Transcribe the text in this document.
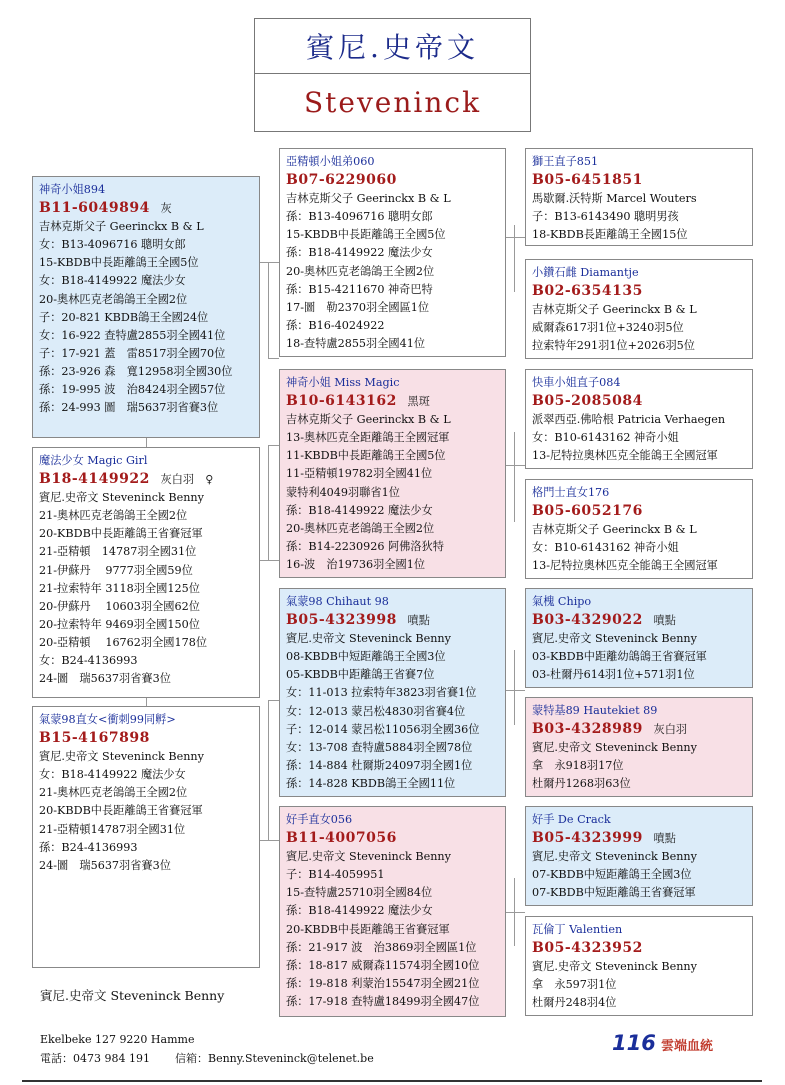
賓尼.史帝文
Steveninck
神奇小姐894
B11-6049894 灰
吉林克斯父子 Geerinckx B & L
女：B13-4096716 聰明女郎
15-KBDB中長距離鴿王全國5位
女：B18-4149922 魔法少女
20-奧林匹克老鴿鴿王全國2位
子：20-821 KBDB鴿王全國24位
女：16-922 查特盧2855羽全國41位
子：17-921 蓋　雷8517羽全國70位
孫：23-926 森　寬12958羽全國30位
孫：19-995 波　治8424羽全國57位
孫：24-993 圖　瑞5637羽省賽3位
魔法少女 Magic Girl
B18-4149922 灰白羽　♀
賓尼.史帝文 Steveninck Benny
21-奧林匹克老鴿鴿王全國2位
20-KBDB中長距離鴿王省賽冠軍
21-亞精頓　14787羽全國31位
21-伊蘇丹　 9777羽全國59位
21-拉索特年 3118羽全國125位
20-伊蘇丹　 10603羽全國62位
20-拉索特年 9469羽全國150位
20-亞精頓　 16762羽全國178位
女：B24-4136993
24-圖　瑞5637羽省賽3位
氣蒙98直女<衝刺99同孵>
B15-4167898
賓尼.史帝文 Steveninck Benny
女：B18-4149922 魔法少女
21-奧林匹克老鴿鴿王全國2位
20-KBDB中長距離鴿王省賽冠軍
21-亞精頓14787羽全國31位
孫：B24-4136993
24-圖　瑞5637羽省賽3位
亞精頓小姐弟060
B07-6229060
吉林克斯父子 Geerinckx B & L
孫：B13-4096716 聰明女郎
15-KBDB中長距離鴿王全國5位
孫：B18-4149922 魔法少女
20-奧林匹克老鴿鴿王全國2位
孫：B15-4211670 神奇巴特
17-圖　勒2370羽全國區1位
孫：B16-4024922
18-查特盧2855羽全國41位
神奇小姐 Miss Magic
B10-6143162 黑斑
吉林克斯父子 Geerinckx B & L
13-奧林匹克全距離鴿王全國冠軍
11-KBDB中長距離鴿王全國5位
11-亞精頓19782羽全國41位
蒙特利4049羽聯省1位
孫：B18-4149922 魔法少女
20-奧林匹克老鴿鴿王全國2位
孫：B14-2230926 阿佛洛狄特
16-波　治19736羽全國1位
氣蒙98 Chihaut 98
B05-4323998 噴點
賓尼.史帝文 Steveninck Benny
08-KBDB中短距離鴿王全國3位
05-KBDB中距離鴿王省賽7位
女：11-013 拉索特年3823羽省賽1位
女：12-013 蒙呂松4830羽省賽4位
子：12-014 蒙呂松11056羽全國36位
女：13-708 查特盧5884羽全國78位
孫：14-884 杜爾斯24097羽全國1位
孫：14-828 KBDB鴿王全國11位
好手直女056
B11-4007056
賓尼.史帝文 Steveninck Benny
子：B14-4059951
15-查特盧25710羽全國84位
孫：B18-4149922 魔法少女
20-KBDB中長距離鴿王省賽冠軍
孫：21-917 波　治3869羽全國區1位
孫：18-817 威爾森11574羽全國10位
孫：19-818 利蒙治15547羽全國21位
孫：17-918 查特盧18499羽全國47位
獅王直子851
B05-6451851
馬歇爾.沃特斯 Marcel Wouters
子：B13-6143490 聰明男孩
18-KBDB長距離鴿王全國15位
小鑽石雌 Diamantje
B02-6354135
吉林克斯父子 Geerinckx B & L
威爾森617羽1位+3240羽5位
拉索特年291羽1位+2026羽5位
快車小姐直子084
B05-2085084
派翠西亞.佛哈根 Patricia Verhaegen
女：B10-6143162 神奇小姐
13-尼特拉奧林匹克全能鴿王全國冠軍
格門士直女176
B05-6052176
吉林克斯父子 Geerinckx B & L
女：B10-6143162 神奇小姐
13-尼特拉奧林匹克全能鴿王全國冠軍
氣槐 Chipo
B03-4329022 噴點
賓尼.史帝文 Steveninck Benny
03-KBDB中距離幼鴿鴿王省賽冠軍
03-杜爾丹614羽1位+571羽1位
蒙特基89 Hautekiet 89
B03-4328989 灰白羽
賓尼.史帝文 Steveninck Benny
拿　永918羽17位
杜爾丹1268羽63位
好手 De Crack
B05-4323999 噴點
賓尼.史帝文 Steveninck Benny
07-KBDB中短距離鴿王全國3位
07-KBDB中短距離鴿王省賽冠軍
瓦倫丁 Valentien
B05-4323952
賓尼.史帝文 Steveninck Benny
拿　永597羽1位
杜爾丹248羽4位
賓尼.史帝文 Steveninck Benny
Ekelbeke 127 9220 Hamme
電話：0473 984 191 信箱：Benny.Steveninck@telenet.be
116 雲端血統
